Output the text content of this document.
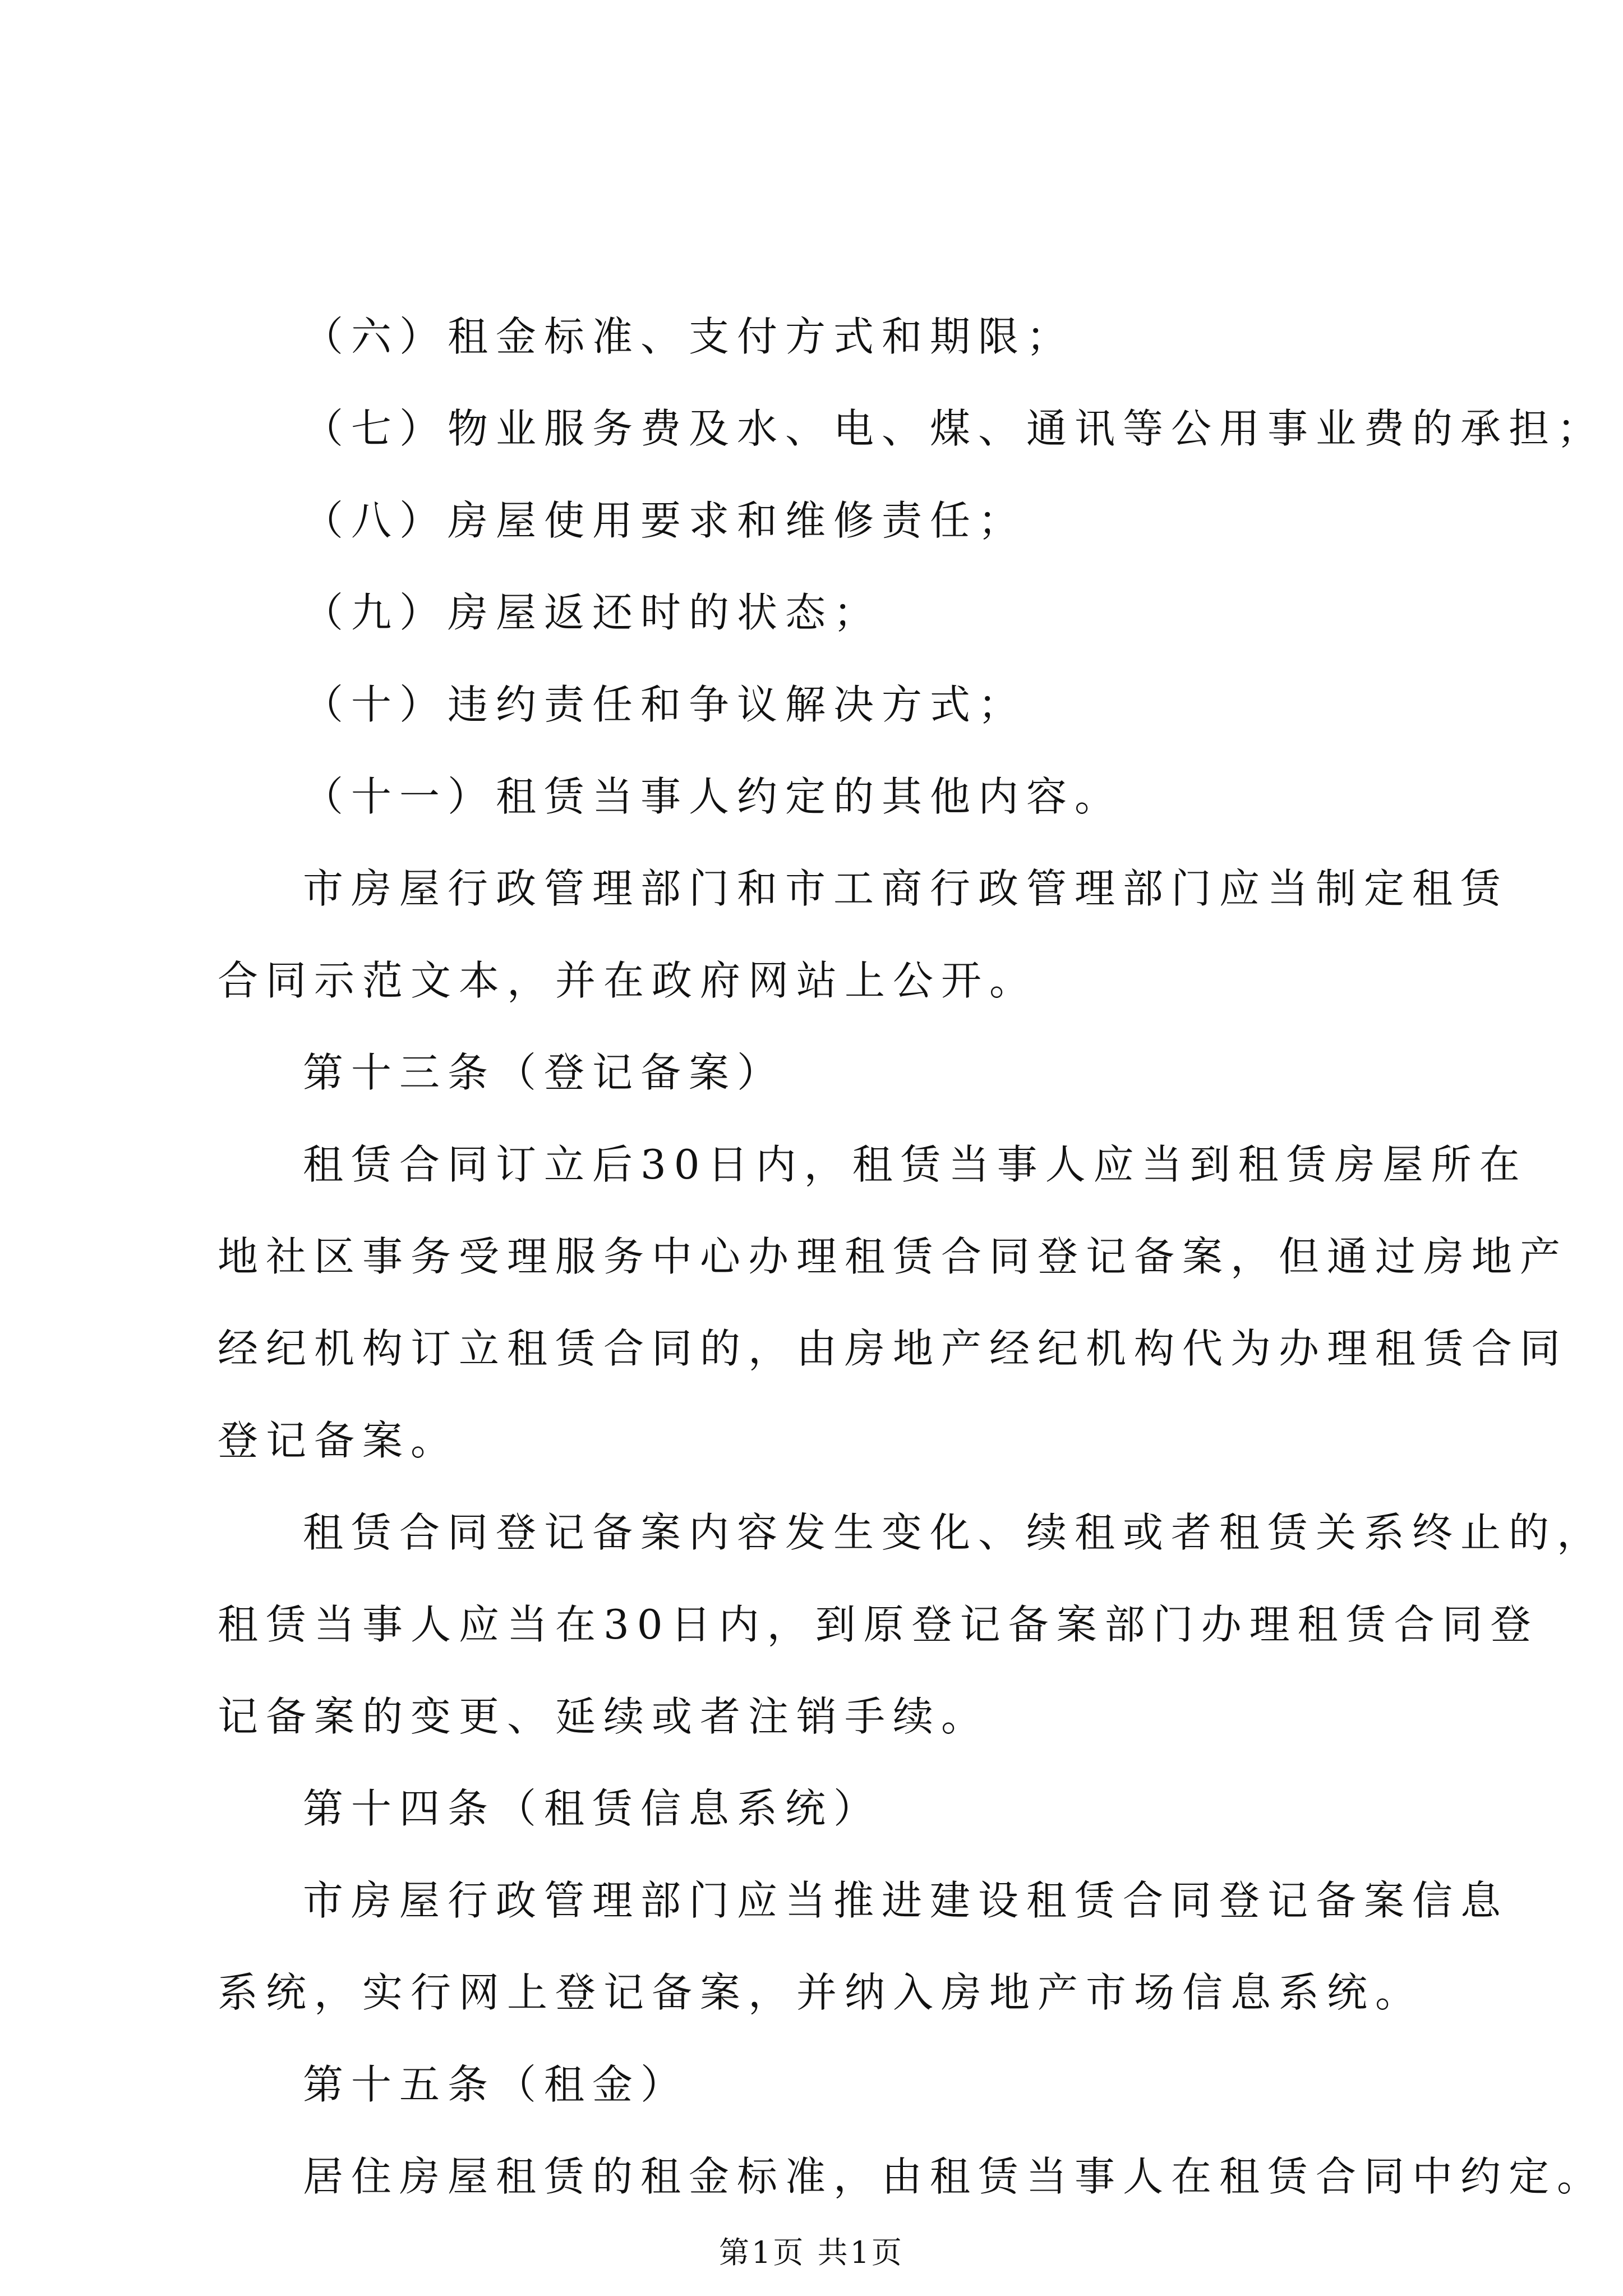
（六）租金标准、支付方式和期限；
（七）物业服务费及水、电、煤、通讯等公用事业费的承担；
（八）房屋使用要求和维修责任；
（九）房屋返还时的状态；
（十）违约责任和争议解决方式；
（十一）租赁当事人约定的其他内容。
市房屋行政管理部门和市工商行政管理部门应当制定租赁
合同示范文本，并在政府网站上公开。
第十三条（登记备案）
租赁合同订立后30日内，租赁当事人应当到租赁房屋所在
地社区事务受理服务中心办理租赁合同登记备案，但通过房地产
经纪机构订立租赁合同的，由房地产经纪机构代为办理租赁合同
登记备案。
租赁合同登记备案内容发生变化、续租或者租赁关系终止的，
租赁当事人应当在30日内，到原登记备案部门办理租赁合同登
记备案的变更、延续或者注销手续。
第十四条（租赁信息系统）
市房屋行政管理部门应当推进建设租赁合同登记备案信息
系统，实行网上登记备案，并纳入房地产市场信息系统。
第十五条（租金）
居住房屋租赁的租金标准，由租赁当事人在租赁合同中约定。
第1页 共1页
